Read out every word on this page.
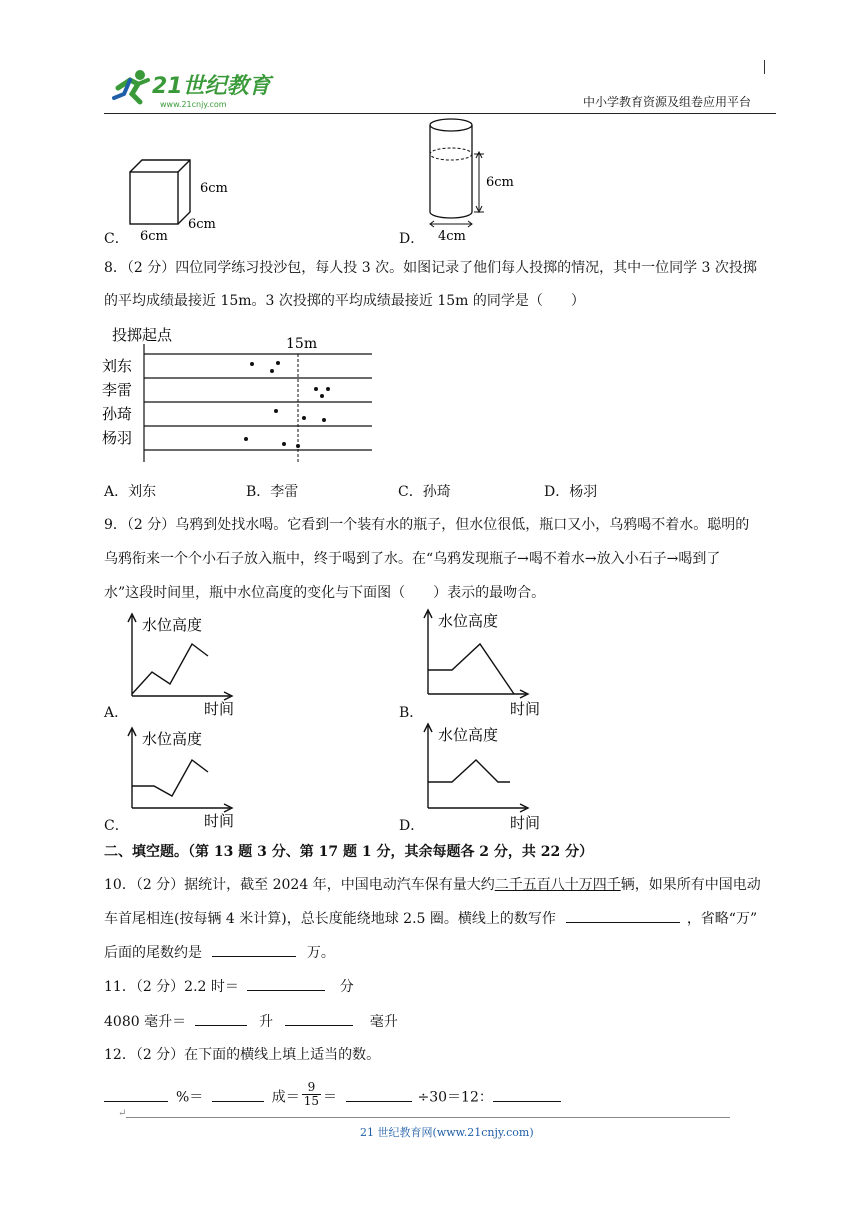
21世纪教育
www.21cnjy.com	中小学教育资源及组卷应用平台
C．
6cm
6cm
6cm	D．
6cm
4cm
8．（2 分）四位同学练习投沙包，每人投 3 次。如图记录了他们每人投掷的情况，其中一位同学 3 次投掷
的平均成绩最接近 15m。3 次投掷的平均成绩最接近 15m 的同学是（　　）
投掷起点	15m
刘东
李雷
孙琦
杨羽
A．刘东	B．李雷	C．孙琦	D．杨羽
9．（2 分）乌鸦到处找水喝。它看到一个装有水的瓶子，但水位很低，瓶口又小，乌鸦喝不着水。聪明的
乌鸦衔来一个个小石子放入瓶中，终于喝到了水。在“乌鸦发现瓶子→喝不着水→放入小石子→喝到了
水”这段时间里，瓶中水位高度的变化与下面图（　　）表示的最吻合。
A．
水位高度
时间	B．
水位高度
时间
C．
水位高度
时间	D．
水位高度
时间
二、填空题。（第 13 题 3 分、第 17 题 1 分，其余每题各 2 分，共 22 分）
10．（2 分）据统计，截至 2024 年，中国电动汽车保有量大约二千五百八十万四千辆，如果所有中国电动
车首尾相连(按每辆 4 米计算)，总长度能绕地球 2.5 圈。横线上的数写作	，省略“万”
后面的尾数约是	万。
11．（2 分）2.2 时＝	分
4080 毫升＝	升	毫升
12．（2 分）在下面的横线上填上适当的数。
%＝	成＝ $\frac{9}{15}$ ＝	÷30＝12：
↵
21 世纪教育网(www.21cnjy.com)
